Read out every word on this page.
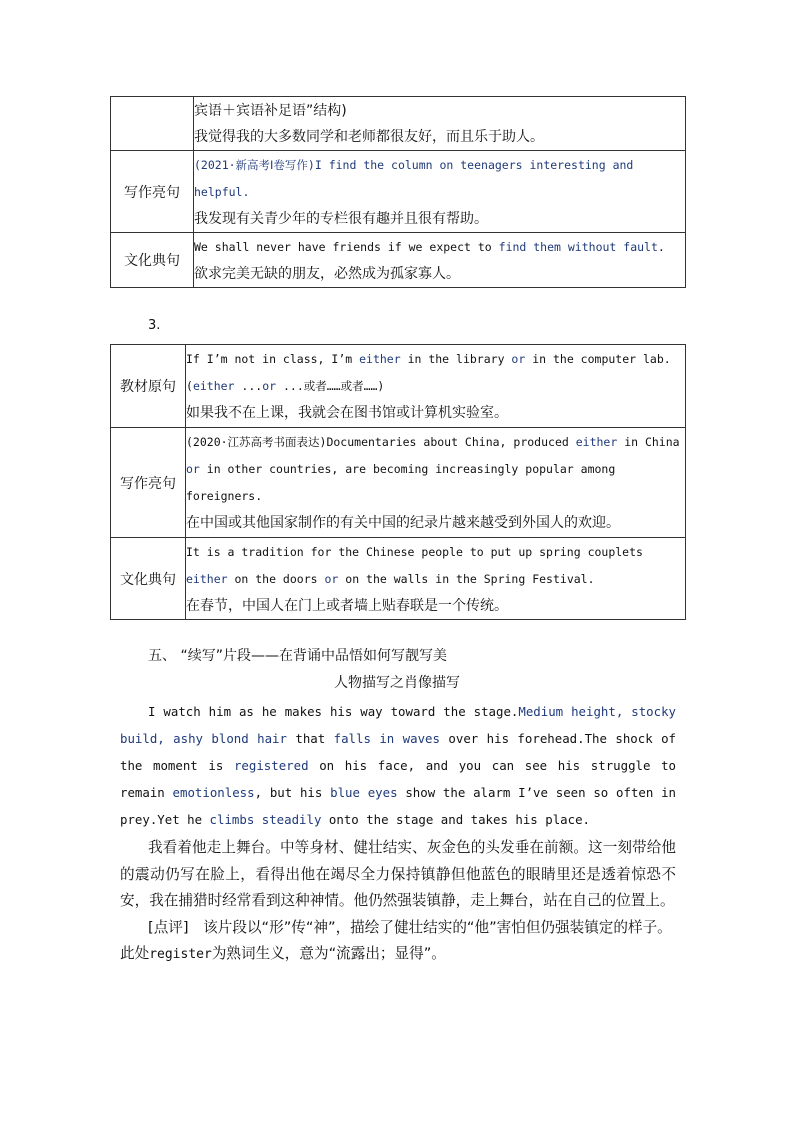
	宾语＋宾语补足语”结构)
我觉得我的大多数同学和老师都很友好，而且乐于助人。

写作亮句	(2021·新高考Ⅰ卷写作)I find the column on teenagers interesting and helpful.
我发现有关青少年的专栏很有趣并且很有帮助。

文化典句	We shall never have friends if we expect to find them without fault.
欲求完美无缺的朋友，必然成为孤家寡人。
3.
教材原句	If I’m not in class, I’m either in the library or in the computer lab.(either ...or ...或者……或者……)
如果我不在上课，我就会在图书馆或计算机实验室。

写作亮句	(2020·江苏高考书面表达)Documentaries about China, produced either in China or in other countries, are becoming increasingly popular among foreigners.
在中国或其他国家制作的有关中国的纪录片越来越受到外国人的欢迎。

文化典句	It is a tradition for the Chinese people to put up spring couplets either on the doors or on the walls in the Spring Festival.
在春节，中国人在门上或者墙上贴春联是一个传统。
五、 “续写”片段——在背诵中品悟如何写靓写美
人物描写之肖像描写

I watch him as he makes his way toward the stage.Medium height, stocky build, ashy blond hair that falls in waves over his forehead.The shock of the moment is registered on his face, and you can see his struggle to remain emotionless, but his blue eyes show the alarm I’ve seen so often in prey.Yet he climbs steadily onto the stage and takes his place.

我看着他走上舞台。中等身材、健壮结实、灰金色的头发垂在前额。这一刻带给他的震动仍写在脸上，看得出他在竭尽全力保持镇静但他蓝色的眼睛里还是透着惊恐不安，我在捕猎时经常看到这种神情。他仍然强装镇静，走上舞台，站在自己的位置上。

[点评]　该片段以“形”传“神”，描绘了健壮结实的“他”害怕但仍强装镇定的样子。此处register为熟词生义，意为“流露出；显得”。
